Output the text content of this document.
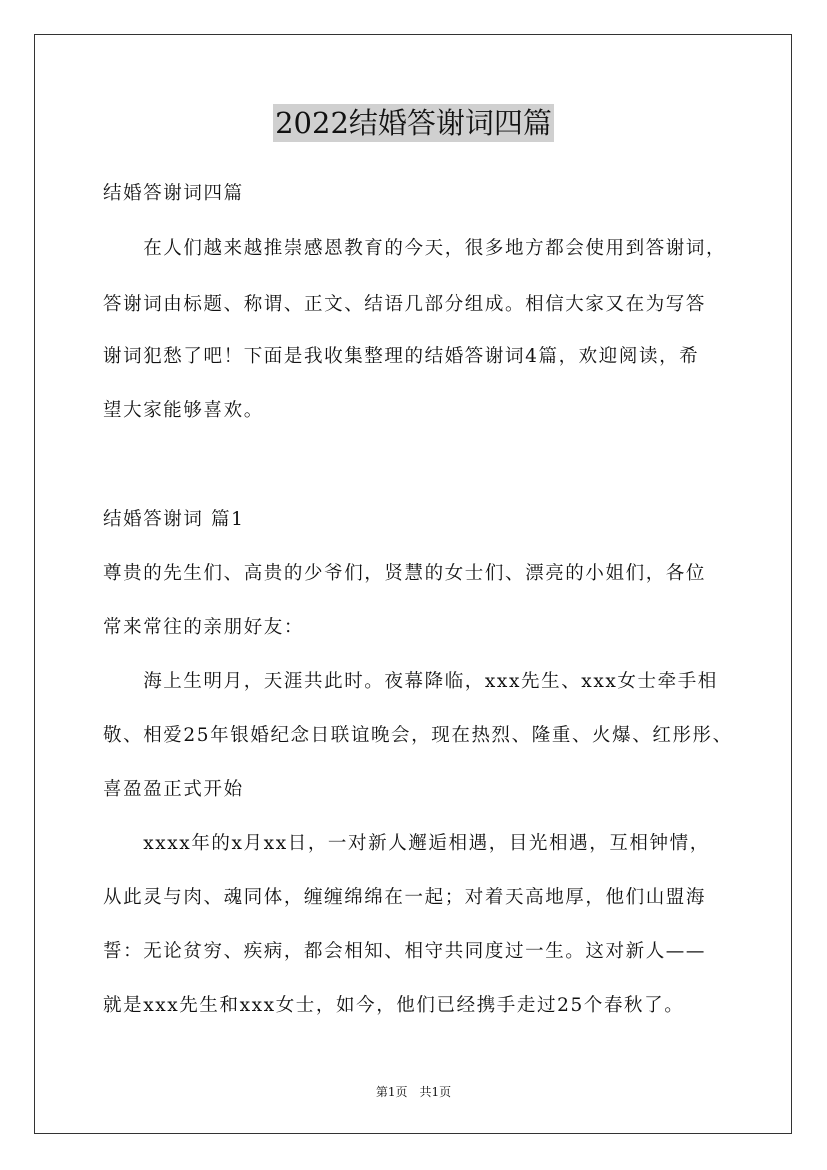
2022结婚答谢词四篇
结婚答谢词四篇
　　在人们越来越推崇感恩教育的今天，很多地方都会使用到答谢词，
答谢词由标题、称谓、正文、结语几部分组成。相信大家又在为写答
谢词犯愁了吧！下面是我收集整理的结婚答谢词4篇，欢迎阅读，希
望大家能够喜欢。
结婚答谢词 篇1
尊贵的先生们、高贵的少爷们，贤慧的女士们、漂亮的小姐们，各位
常来常往的亲朋好友：
　　海上生明月，天涯共此时。夜幕降临，xxx先生、xxx女士牵手相
敬、相爱25年银婚纪念日联谊晚会，现在热烈、隆重、火爆、红彤彤、
喜盈盈正式开始
　　xxxx年的x月xx日，一对新人邂逅相遇，目光相遇，互相钟情，
从此灵与肉、魂同体，缠缠绵绵在一起；对着天高地厚，他们山盟海
誓：无论贫穷、疾病，都会相知、相守共同度过一生。这对新人——
就是xxx先生和xxx女士，如今，他们已经携手走过25个春秋了。
第1页　共1页
